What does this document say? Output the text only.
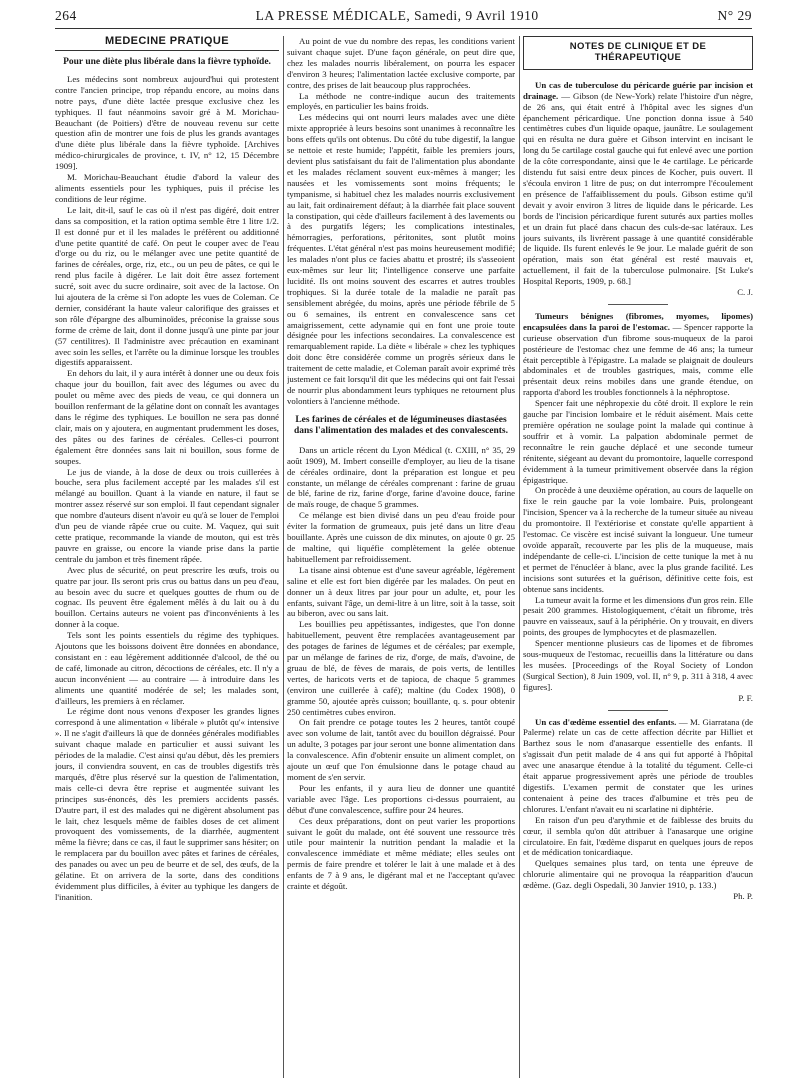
264	LA PRESSE MÉDICALE, Samedi, 9 Avril 1910	N° 29
MÉDECINE PRATIQUE
Pour une diète plus libérale dans la fièvre typhoïde.

Les médecins sont nombreux aujourd'hui qui protestent contre l'ancien principe, trop répandu encore, au moins dans notre pays, d'une diète lactée presque exclusive chez les typhiques. Il faut néanmoins savoir gré à M. Morichau-Beauchant (de Poitiers) d'être de nouveau revenu sur cette question afin de montrer une fois de plus les grands avantages d'une diète plus libérale dans la fièvre typhoïde. [Archives médico-chirurgicales de province, t. IV, n° 12, 15 Décembre 1909].

M. Morichau-Beauchant étudie d'abord la valeur des aliments essentiels pour les typhiques, puis il précise les conditions de leur régime.

Le lait, dit-il, sauf le cas où il n'est pas digéré, doit entrer dans sa composition, et la ration optima semble être 1 litre 1/2. Il est donné pur et il les malades le préfèrent ou additionné d'une petite quantité de café. On peut le couper avec de l'eau d'orge ou du riz, ou le mélanger avec une petite quantité de farines de céréales, orge, riz, etc., ou un peu de pâtes, ce qui le rend plus facile à digérer. Le lait doit être assez fortement sucré, soit avec du sucre ordinaire, soit avec de la lactose. On lui ajoutera de la crème si l'on adopte les vues de Coleman. Ce dernier, considérant la haute valeur calorifique des graisses et son rôle d'épargne des albuminoïdes, préconise la graisse sous forme de crème de lait, dont il donne jusqu'à une pinte par jour (57 centilitres). Il l'administre avec précaution en examinant avec soin les selles, et l'arrête ou la diminue lorsque les troubles digestifs apparaissent.

En dehors du lait, il y aura intérêt à donner une ou deux fois chaque jour du bouillon, fait avec des légumes ou avec du poulet ou même avec des pieds de veau, ce qui donnera un bouillon renfermant de la gélatine dont on connaît les avantages dans le régime des typhiques. Le bouillon ne sera pas donné clair, mais on y ajoutera, en augmentant prudemment les doses, des pâtes ou des farines de céréales. Celles-ci pourront également être données sans lait ni bouillon, sous forme de soupes.

Le jus de viande, à la dose de deux ou trois cuillerées à bouche, sera plus facilement accepté par les malades s'il est mélangé au bouillon. Quant à la viande en nature, il faut se montrer assez réservé sur son emploi. Il faut cependant signaler que nombre d'auteurs disent n'avoir eu qu'à se louer de l'emploi d'un peu de viande râpée crue ou cuite. M. Vaquez, qui suit cette pratique, recommande la viande de mouton, qui est très pauvre en graisse, ou encore la viande prise dans la partie centrale du jambon et très finement râpée.

Avec plus de sécurité, on peut prescrire les œufs, trois ou quatre par jour. Ils seront pris crus ou battus dans un peu d'eau, au besoin avec du sucre et quelques gouttes de rhum ou de cognac. Ils peuvent être également mêlés à du lait ou à du bouillon. Certains auteurs ne voient pas d'inconvénients à les donner à la coque.

Tels sont les points essentiels du régime des typhiques. Ajoutons que les boissons doivent être données en abondance, consistant en : eau légèrement additionnée d'alcool, de thé ou de café, limonade au citron, décoctions de céréales, etc. Il n'y a aucun inconvénient — au contraire — à introduire dans les aliments une quantité modérée de sel; les malades sont, d'ailleurs, les premiers à en réclamer.

Le régime dont nous venons d'exposer les grandes lignes correspond à une alimentation « libérale » plutôt qu'« intensive ». Il ne s'agit d'ailleurs là que de données générales modifiables suivant chaque malade en particulier et aussi suivant les périodes de la maladie. C'est ainsi qu'au début, dès les premiers jours, il conviendra souvent, en cas de troubles digestifs très marqués, d'être plus réservé sur la question de l'alimentation, mais celle-ci devra être reprise et augmentée suivant les principes sus-énoncés, dès les premiers accidents passés. D'autre part, il est des malades qui ne digèrent absolument pas le lait, chez lesquels même de faibles doses de cet aliment provoquent des vomissements, de la diarrhée, augmentent même la fièvre; dans ce cas, il faut le supprimer sans hésiter; on le remplacera par du bouillon avec pâtes et farines de céréales, des panades ou avec un peu de beurre et de sel, des œufs, de la gélatine. Et on arrivera de la sorte, dans des conditions évidemment plus difficiles, à éviter au typhique les dangers de l'inanition.

Au point de vue du nombre des repas, les conditions varient suivant chaque sujet. D'une façon générale, on peut dire que, chez les malades nourris libéralement, on pourra les espacer d'environ 3 heures; l'alimentation lactée exclusive comporte, par contre, des prises de lait beaucoup plus rapprochées.

La méthode ne contre-indique aucun des traitements employés, en particulier les bains froids.

Les médecins qui ont nourri leurs malades avec une diète mixte appropriée à leurs besoins sont unanimes à reconnaître les bons effets qu'ils ont obtenus. Du côté du tube digestif, la langue se nettoie et reste humide; l'appétit, faible les premiers jours, devient plus satisfaisant du fait de l'alimentation plus abondante et les malades réclament souvent eux-mêmes à manger; les nausées et les vomissements sont moins fréquents; le tympanisme, si habituel chez les malades nourris exclusivement au lait, fait ordinairement défaut; à la diarrhée fait place souvent la constipation, qui cède d'ailleurs facilement à des lavements ou à des purgatifs légers; les complications intestinales, hémorragies, perforations, péritonites, sont plutôt moins fréquentes. L'état général n'est pas moins heureusement modifié; les malades n'ont plus ce facies abattu et prostré; ils s'asseoient eux-mêmes sur leur lit; l'intelligence conserve une parfaite lucidité. Ils ont moins souvent des escarres et autres troubles trophiques. Si la durée totale de la maladie ne paraît pas sensiblement abrégée, du moins, après une période fébrile de 5 ou 6 semaines, ils entrent en convalescence sans cet amaigrissement, cette adynamie qui en font une proie toute désignée pour les infections secondaires. La convalescence est remarquablement rapide. La diète « libérale » chez les typhiques doit donc être considérée comme un progrès sérieux dans le traitement de cette maladie, et Coleman paraît avoir exprimé très justement ce fait lorsqu'il dit que les médecins qui ont fait l'essai de nourrir plus abondamment leurs typhiques ne retournent plus volontiers à l'ancienne méthode.

Les farines de céréales et de légumineuses diastasées dans l'alimentation des malades et des convalescents.

Dans un article récent du Lyon Médical (t. CXIII, n° 35, 29 août 1909), M. Imbert conseille d'employer, au lieu de la tisane de céréales ordinaire, dont la préparation est longue et peu constante, un mélange de céréales comprenant : farine de gruau de blé, farine de riz, farine d'orge, farine d'avoine douce, farine de maïs rouge, de chaque 5 grammes.

Ce mélange est bien divisé dans un peu d'eau froide pour éviter la formation de grumeaux, puis jeté dans un litre d'eau bouillante. Après une cuisson de dix minutes, on ajoute 0 gr. 25 de maltine, qui liquéfie complètement la gelée obtenue habituellement par refroidissement.

La tisane ainsi obtenue est d'une saveur agréable, légèrement saline et elle est fort bien digérée par les malades. On peut en donner un à deux litres par jour pour un adulte, et, pour les enfants, suivant l'âge, un demi-litre à un litre, soit à la tasse, soit au biberon, avec ou sans lait.

Les bouillies peu appétissantes, indigestes, que l'on donne habituellement, peuvent être remplacées avantageusement par des potages de farines de légumes et de céréales; par exemple, par un mélange de farines de riz, d'orge, de maïs, d'avoine, de gruau de blé, de fèves de marais, de pois verts, de lentilles vertes, de haricots verts et de tapioca, de chaque 5 grammes (environ une cuillerée à café); maltine (du Codex 1908), 0 gramme 50, ajoutée après cuisson; bouillante, q. s. pour obtenir 250 centimètres cubes environ.

On fait prendre ce potage toutes les 2 heures, tantôt coupé avec son volume de lait, tantôt avec du bouillon dégraissé. Pour un adulte, 3 potages par jour seront une bonne alimentation dans la convalescence. Afin d'obtenir ensuite un aliment complet, on ajoute un œuf que l'on émulsionne dans le potage chaud au moment de s'en servir.

Pour les enfants, il y aura lieu de donner une quantité variable avec l'âge. Les proportions ci-dessus pourraient, au début d'une convalescence, suffire pour 24 heures.

Ces deux préparations, dont on peut varier les proportions suivant le goût du malade, ont été souvent une ressource très utile pour maintenir la nutrition pendant la maladie et la convalescence immédiate et même médiate; elles seules ont permis de faire prendre et tolérer le lait à une malade et à des enfants de 7 à 9 ans, le digérant mal et ne l'acceptant qu'avec crainte et dégoût.

NOTES DE CLINIQUE ET DE THÉRAPEUTIQUE

Un cas de tuberculose du péricarde guérie par incision et drainage. — Gibson (de New-York) relate l'histoire d'un nègre, de 26 ans, qui était entré à l'hôpital avec les signes d'un épanchement péricardique. Une ponction donna issue à 540 centimètres cubes d'un liquide opaque, jaunâtre. Le soulagement qui en résulta ne dura guère et Gibson intervint en incisant le long du 5e cartilage costal gauche qui fut enlevé avec une portion de la côte correspondante, ainsi que le 4e cartilage. Le péricarde distendu fut saisi entre deux pinces de Kocher, puis ouvert. Il s'écoula environ 1 litre de pus; on dut interrompre l'écoulement en présence de l'affaiblissement du pouls. Gibson estime qu'il devait y avoir environ 3 litres de liquide dans le péricarde. Les bords de l'incision péricardique furent suturés aux parties molles et un drain fut placé dans chacun des culs-de-sac latéraux. Les jours suivants, ils livrèrent passage à une quantité considérable de liquide. Ils furent enlevés le 9e jour. Le malade guérit de son opération, mais son état général est resté mauvais et, actuellement, il fait de la tuberculose pulmonaire. [St Luke's Hospital Reports, 1909, p. 68.]

C. J.

Tumeurs bénignes (fibromes, myomes, lipomes) encapsulées dans la paroi de l'estomac. — Spencer rapporte la curieuse observation d'un fibrome sous-muqueux de la paroi postérieure de l'estomac chez une femme de 46 ans; la tumeur était perceptible à l'épigastre. La malade se plaignait de douleurs abdominales et de troubles gastriques, mais, comme elle présentait deux reins mobiles dans une grande étendue, on rapporta d'abord les troubles fonctionnels à la néphroptose.

Spencer fait une néphropexie du côté droit. Il explore le rein gauche par l'incision lombaire et le réduit aisément. Mais cette première opération ne soulage point la malade qui continue à souffrir et à vomir. La palpation abdominale permet de reconnaître le rein gauche déplacé et une seconde tumeur rénitente, siégeant au devant du promontoire, laquelle correspond évidemment à la tumeur primitivement observée dans la région épigastrique.

On procède à une deuxième opération, au cours de laquelle on fixe le rein gauche par la voie lombaire. Puis, prolongeant l'incision, Spencer va à la recherche de la tumeur située au niveau du promontoire. Il l'extériorise et constate qu'elle appartient à l'estomac. Ce viscère est incisé suivant la longueur. Une tumeur ovoïde apparaît, recouverte par les plis de la muqueuse, mais indépendante de celle-ci. L'incision de cette tunique la met à nu et permet de l'énucléer à blanc, avec la plus grande facilité. Les incisions sont suturées et la guérison, définitive cette fois, est obtenue sans incidents.

La tumeur avait la forme et les dimensions d'un gros rein. Elle pesait 200 grammes. Histologiquement, c'était un fibrome, très pauvre en vaisseaux, sauf à la périphérie. On y trouvait, en divers points, des groupes de lymphocytes et de plasmazellen.

Spencer mentionne plusieurs cas de lipomes et de fibromes sous-muqueux de l'estomac, recueillis dans la littérature ou dans les musées. [Proceedings of the Royal Society of London (Surgical Section), 8 Juin 1909, vol. II, n° 9, p. 311 à 318, 4 avec figures].

P. F.

Un cas d'œdème essentiel des enfants. — M. Giarratana (de Palerme) relate un cas de cette affection décrite par Hilliet et Barthez sous le nom d'anasarque essentielle des enfants. Il s'agissait d'un petit malade de 4 ans qui fut apporté à l'hôpital avec une anasarque étendue à la totalité du tégument. Celle-ci était apparue progressivement après une période de troubles digestifs. L'examen permit de constater que les urines contenaient à peine des traces d'albumine et très peu de chlorures. L'enfant n'avait eu ni scarlatine ni diphtérie.

En raison d'un peu d'arythmie et de faiblesse des bruits du cœur, il sembla qu'on dût attribuer à l'anasarque une origine circulatoire. En fait, l'œdème disparut en quelques jours de repos et de médication tonicardiaque.

Quelques semaines plus tard, on tenta une épreuve de chlorurie alimentaire qui ne provoqua la réapparition d'aucun œdème. (Gaz. degli Ospedali, 30 Janvier 1910, p. 133.)

Ph. P.
